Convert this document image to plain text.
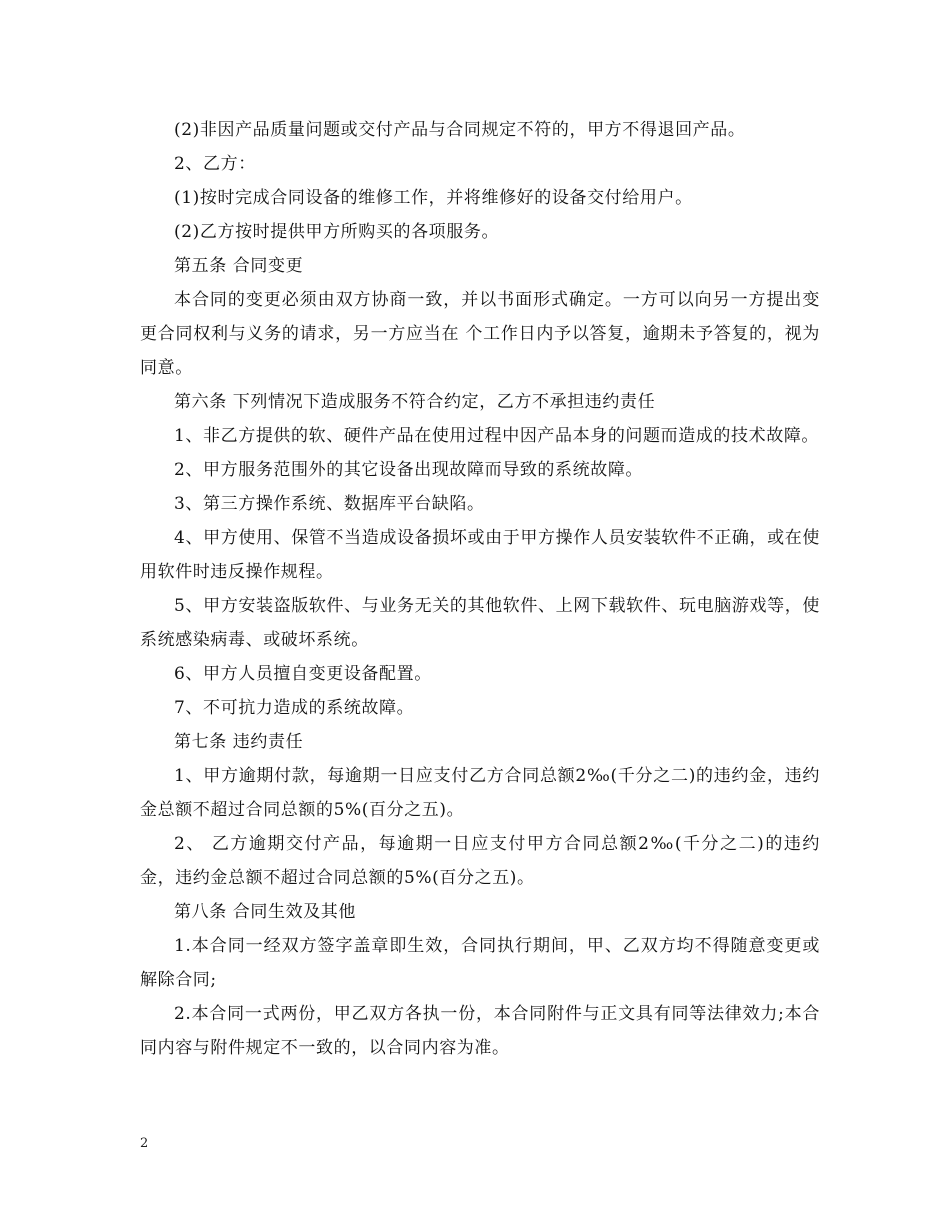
(2)非因产品质量问题或交付产品与合同规定不符的，甲方不得退回产品。

2、乙方：

(1)按时完成合同设备的维修工作，并将维修好的设备交付给用户。

(2)乙方按时提供甲方所购买的各项服务。

第五条 合同变更

本合同的变更必须由双方协商一致，并以书面形式确定。一方可以向另一方提出变更合同权利与义务的请求，另一方应当在 个工作日内予以答复，逾期未予答复的，视为同意。

第六条 下列情况下造成服务不符合约定，乙方不承担违约责任

1、非乙方提供的软、硬件产品在使用过程中因产品本身的问题而造成的技术故障。

2、甲方服务范围外的其它设备出现故障而导致的系统故障。

3、第三方操作系统、数据库平台缺陷。

4、甲方使用、保管不当造成设备损坏或由于甲方操作人员安装软件不正确，或在使用软件时违反操作规程。

5、甲方安装盗版软件、与业务无关的其他软件、上网下载软件、玩电脑游戏等，使系统感染病毒、或破坏系统。

6、甲方人员擅自变更设备配置。

7、不可抗力造成的系统故障。

第七条 违约责任

1、甲方逾期付款，每逾期一日应支付乙方合同总额2‰(千分之二)的违约金，违约金总额不超过合同总额的5%(百分之五)。

2、 乙方逾期交付产品，每逾期一日应支付甲方合同总额2‰(千分之二)的违约金，违约金总额不超过合同总额的5%(百分之五)。

第八条 合同生效及其他

1.本合同一经双方签字盖章即生效，合同执行期间，甲、乙双方均不得随意变更或解除合同;

2.本合同一式两份，甲乙双方各执一份，本合同附件与正文具有同等法律效力;本合同内容与附件规定不一致的，以合同内容为准。

2
